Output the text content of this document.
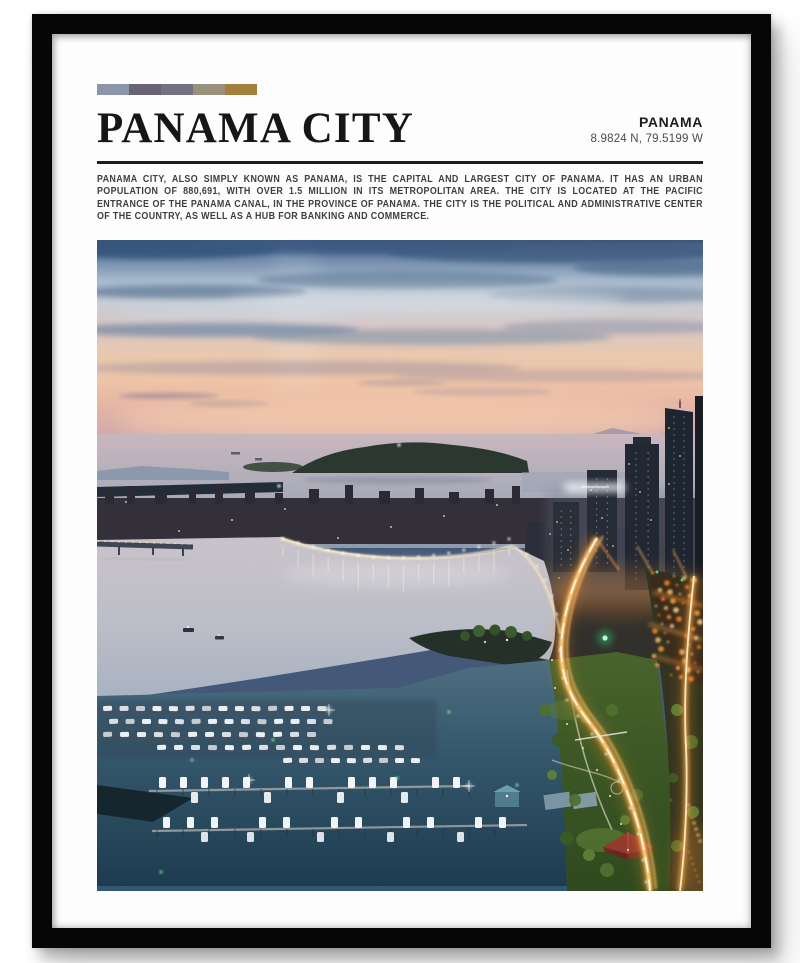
PANAMA CITY	PANAMA
8.9824 N, 79.5199 W

PANAMA CITY, ALSO SIMPLY KNOWN AS PANAMA, IS THE CAPITAL AND LARGEST CITY OF PANAMA. IT HAS AN URBAN POPULATION OF 880,691, WITH OVER 1.5 MILLION IN ITS METROPOLITAN AREA. THE CITY IS LOCATED AT THE PACIFIC ENTRANCE OF THE PANAMA CANAL, IN THE PROVINCE OF PANAMA. THE CITY IS THE POLITICAL AND ADMINISTRATIVE CENTER OF THE COUNTRY, AS WELL AS A HUB FOR BANKING AND COMMERCE.
